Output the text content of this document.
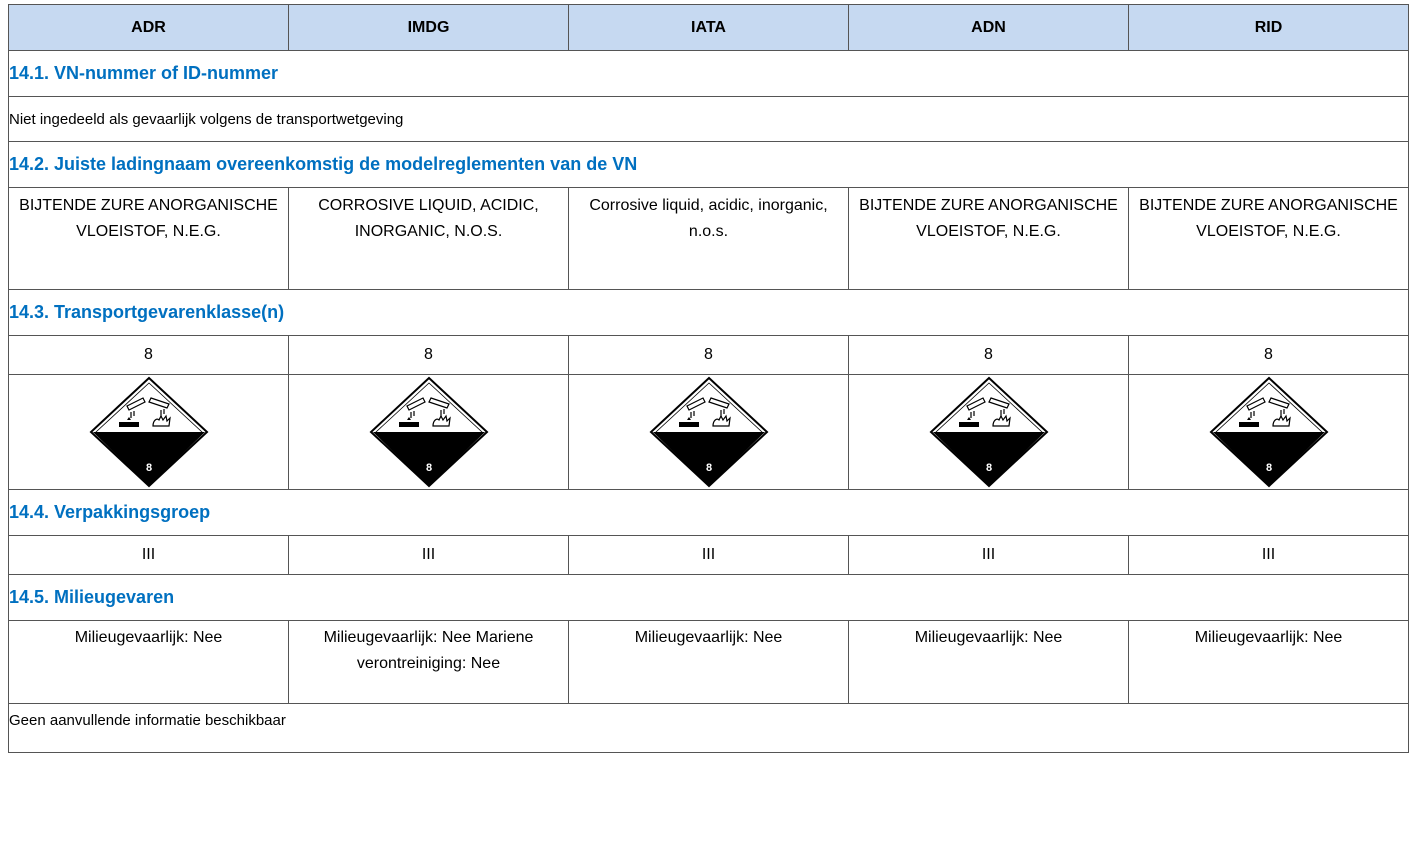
ADR	IMDG	IATA	ADN	RID
14.1. VN-nummer of ID-nummer				
Niet ingedeeld als gevaarlijk volgens de transportwetgeving				
14.2. Juiste ladingnaam overeenkomstig de modelreglementen van de VN				
BIJTENDE ZURE ANORGANISCHE VLOEISTOF, N.E.G.	CORROSIVE LIQUID, ACIDIC, INORGANIC, N.O.S.	Corrosive liquid, acidic, inorganic, n.o.s.	BIJTENDE ZURE ANORGANISCHE VLOEISTOF, N.E.G.	BIJTENDE ZURE ANORGANISCHE VLOEISTOF, N.E.G.
14.3. Transportgevarenklasse(n)				
8	8	8	8	8

8	8	8	8	8

14.4. Verpakkingsgroep				
III	III	III	III	III
14.5. Milieugevaren				
Milieugevaarlijk: Nee	Milieugevaarlijk: Nee Mariene verontreiniging: Nee	Milieugevaarlijk: Nee	Milieugevaarlijk: Nee	Milieugevaarlijk: Nee
Geen aanvullende informatie beschikbaar				
